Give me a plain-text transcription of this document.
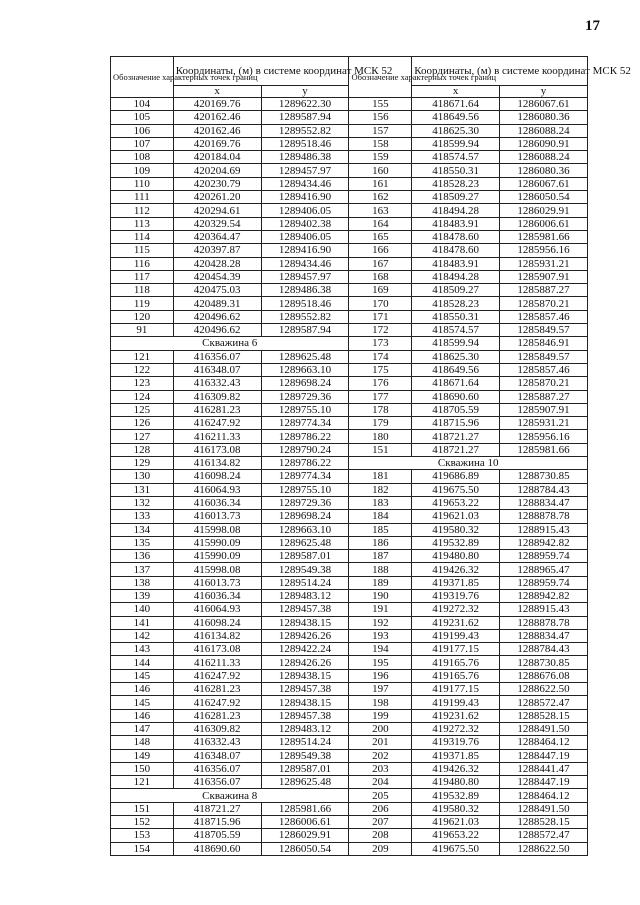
17
Обозначение характерных точек границ	Координаты, (м) в системе координат МСК 52		Обозначение характерных точек границ	Координаты, (м) в системе координат МСК 52	
	x	y		x	y
104	420169.76	1289622.30	155	418671.64	1286067.61
105	420162.46	1289587.94	156	418649.56	1286080.36
106	420162.46	1289552.82	157	418625.30	1286088.24
107	420169.76	1289518.46	158	418599.94	1286090.91
108	420184.04	1289486.38	159	418574.57	1286088.24
109	420204.69	1289457.97	160	418550.31	1286080.36
110	420230.79	1289434.46	161	418528.23	1286067.61
111	420261.20	1289416.90	162	418509.27	1286050.54
112	420294.61	1289406.05	163	418494.28	1286029.91
113	420329.54	1289402.38	164	418483.91	1286006.61
114	420364.47	1289406.05	165	418478.60	1285981.66
115	420397.87	1289416.90	166	418478.60	1285956.16
116	420428.28	1289434.46	167	418483.91	1285931.21
117	420454.39	1289457.97	168	418494.28	1285907.91
118	420475.03	1289486.38	169	418509.27	1285887.27
119	420489.31	1289518.46	170	418528.23	1285870.21
120	420496.62	1289552.82	171	418550.31	1285857.46
91	420496.62	1289587.94	172	418574.57	1285849.57
Скважина 6			173	418599.94	1285846.91
121	416356.07	1289625.48	174	418625.30	1285849.57
122	416348.07	1289663.10	175	418649.56	1285857.46
123	416332.43	1289698.24	176	418671.64	1285870.21
124	416309.82	1289729.36	177	418690.60	1285887.27
125	416281.23	1289755.10	178	418705.59	1285907.91
126	416247.92	1289774.34	179	418715.96	1285931.21
127	416211.33	1289786.22	180	418721.27	1285956.16
128	416173.08	1289790.24	151	418721.27	1285981.66
129	416134.82	1289786.22	Скважина 10		
130	416098.24	1289774.34	181	419686.89	1288730.85
131	416064.93	1289755.10	182	419675.50	1288784.43
132	416036.34	1289729.36	183	419653.22	1288834.47
133	416013.73	1289698.24	184	419621.03	1288878.78
134	415998.08	1289663.10	185	419580.32	1288915.43
135	415990.09	1289625.48	186	419532.89	1288942.82
136	415990.09	1289587.01	187	419480.80	1288959.74
137	415998.08	1289549.38	188	419426.32	1288965.47
138	416013.73	1289514.24	189	419371.85	1288959.74
139	416036.34	1289483.12	190	419319.76	1288942.82
140	416064.93	1289457.38	191	419272.32	1288915.43
141	416098.24	1289438.15	192	419231.62	1288878.78
142	416134.82	1289426.26	193	419199.43	1288834.47
143	416173.08	1289422.24	194	419177.15	1288784.43
144	416211.33	1289426.26	195	419165.76	1288730.85
145	416247.92	1289438.15	196	419165.76	1288676.08
146	416281.23	1289457.38	197	419177.15	1288622.50
145	416247.92	1289438.15	198	419199.43	1288572.47
146	416281.23	1289457.38	199	419231.62	1288528.15
147	416309.82	1289483.12	200	419272.32	1288491.50
148	416332.43	1289514.24	201	419319.76	1288464.12
149	416348.07	1289549.38	202	419371.85	1288447.19
150	416356.07	1289587.01	203	419426.32	1288441.47
121	416356.07	1289625.48	204	419480.80	1288447.19
Скважина 8			205	419532.89	1288464.12
151	418721.27	1285981.66	206	419580.32	1288491.50
152	418715.96	1286006.61	207	419621.03	1288528.15
153	418705.59	1286029.91	208	419653.22	1288572.47
154	418690.60	1286050.54	209	419675.50	1288622.50
